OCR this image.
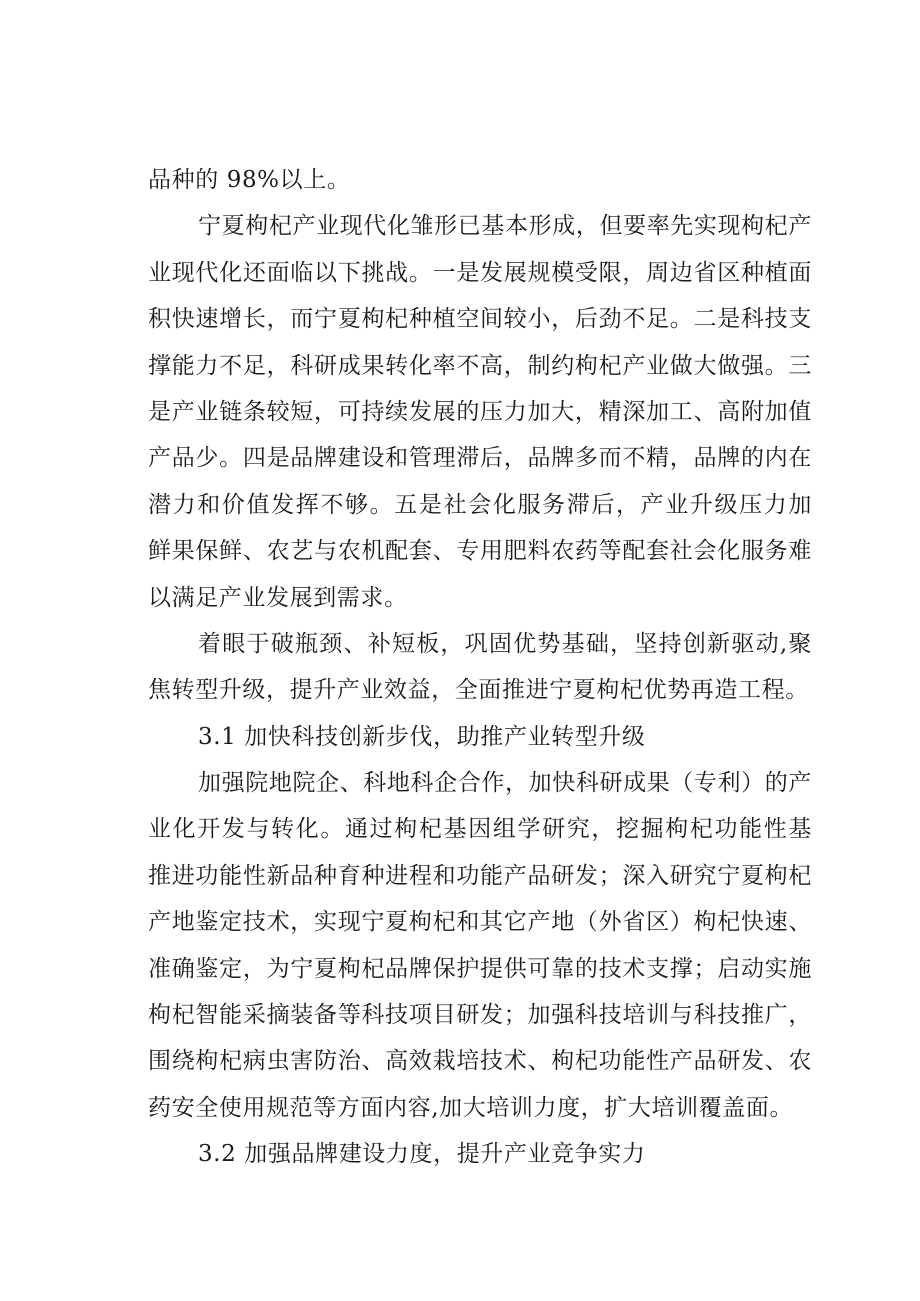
品种的 98%以上。
宁夏枸杞产业现代化雏形已基本形成，但要率先实现枸杞产
业现代化还面临以下挑战。一是发展规模受限，周边省区种植面
积快速增长，而宁夏枸杞种植空间较小，后劲不足。二是科技支
撑能力不足，科研成果转化率不高，制约枸杞产业做大做强。三
是产业链条较短，可持续发展的压力加大，精深加工、高附加值
产品少。四是品牌建设和管理滞后，品牌多而不精，品牌的内在
潜力和价值发挥不够。五是社会化服务滞后，产业升级压力加
鲜果保鲜、农艺与农机配套、专用肥料农药等配套社会化服务难
以满足产业发展到需求。
着眼于破瓶颈、补短板，巩固优势基础，坚持创新驱动,聚
焦转型升级，提升产业效益，全面推进宁夏枸杞优势再造工程。
3.1 加快科技创新步伐，助推产业转型升级
加强院地院企、科地科企合作，加快科研成果（专利）的产
业化开发与转化。通过枸杞基因组学研究，挖掘枸杞功能性基
推进功能性新品种育种进程和功能产品研发；深入研究宁夏枸杞
产地鉴定技术，实现宁夏枸杞和其它产地（外省区）枸杞快速、
准确鉴定，为宁夏枸杞品牌保护提供可靠的技术支撑；启动实施
枸杞智能采摘装备等科技项目研发；加强科技培训与科技推广，
围绕枸杞病虫害防治、高效栽培技术、枸杞功能性产品研发、农
药安全使用规范等方面内容,加大培训力度，扩大培训覆盖面。
3.2 加强品牌建设力度，提升产业竞争实力
